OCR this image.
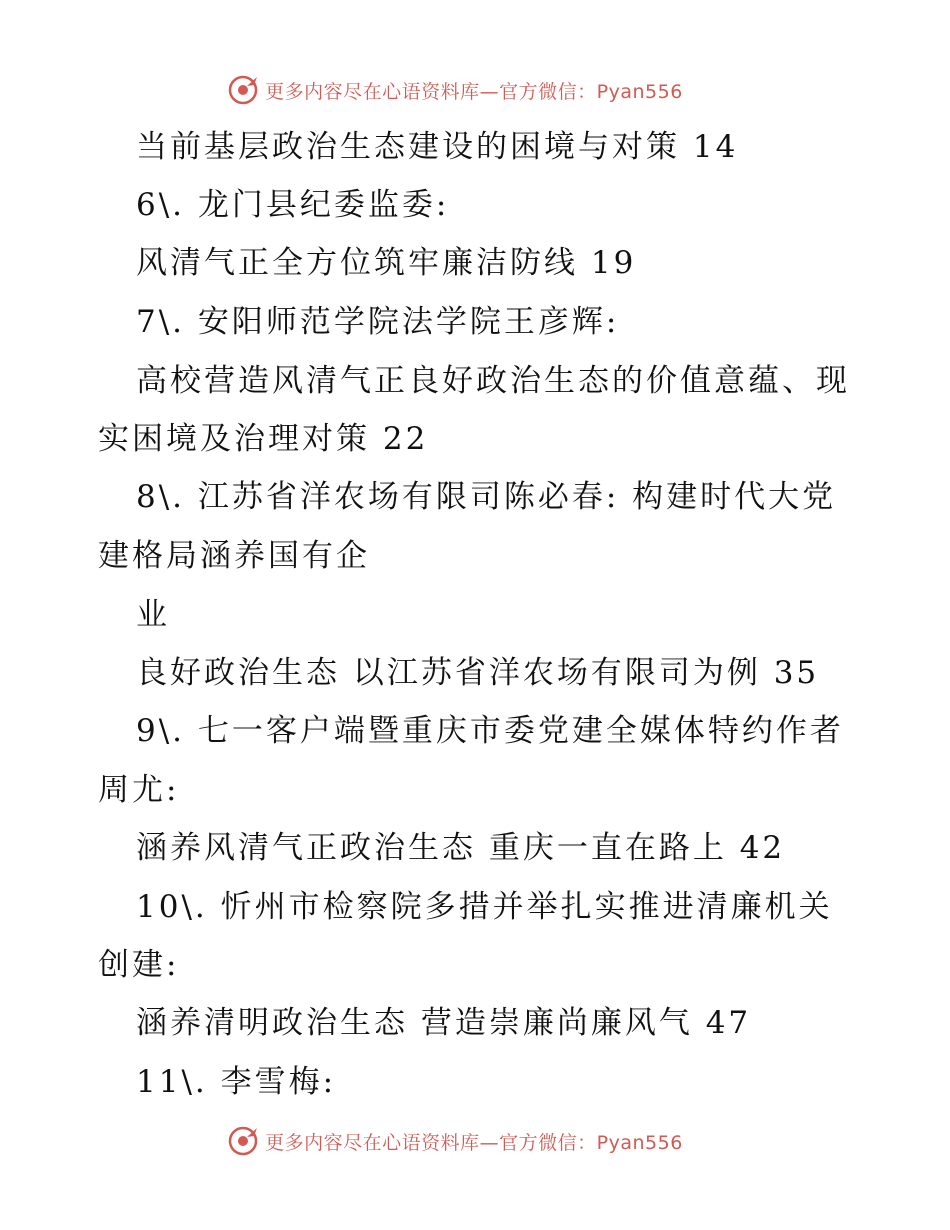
更多内容尽在心语资料库—官方微信：Pyan556
当前基层政治生态建设的困境与对策 14
6\. 龙门县纪委监委:
风清气正全方位筑牢廉洁防线 19
7\. 安阳师范学院法学院王彦辉:
高校营造风清气正良好政治生态的价值意蕴、现
实困境及治理对策 22
8\. 江苏省洋农场有限司陈必春: 构建时代大党
建格局涵养国有企
业
良好政治生态 以江苏省洋农场有限司为例 35
9\. 七一客户端暨重庆市委党建全媒体特约作者
周尤:
涵养风清气正政治生态 重庆一直在路上 42
10\. 忻州市检察院多措并举扎实推进清廉机关
创建:
涵养清明政治生态 营造崇廉尚廉风气 47
11\. 李雪梅:
更多内容尽在心语资料库—官方微信：Pyan556
